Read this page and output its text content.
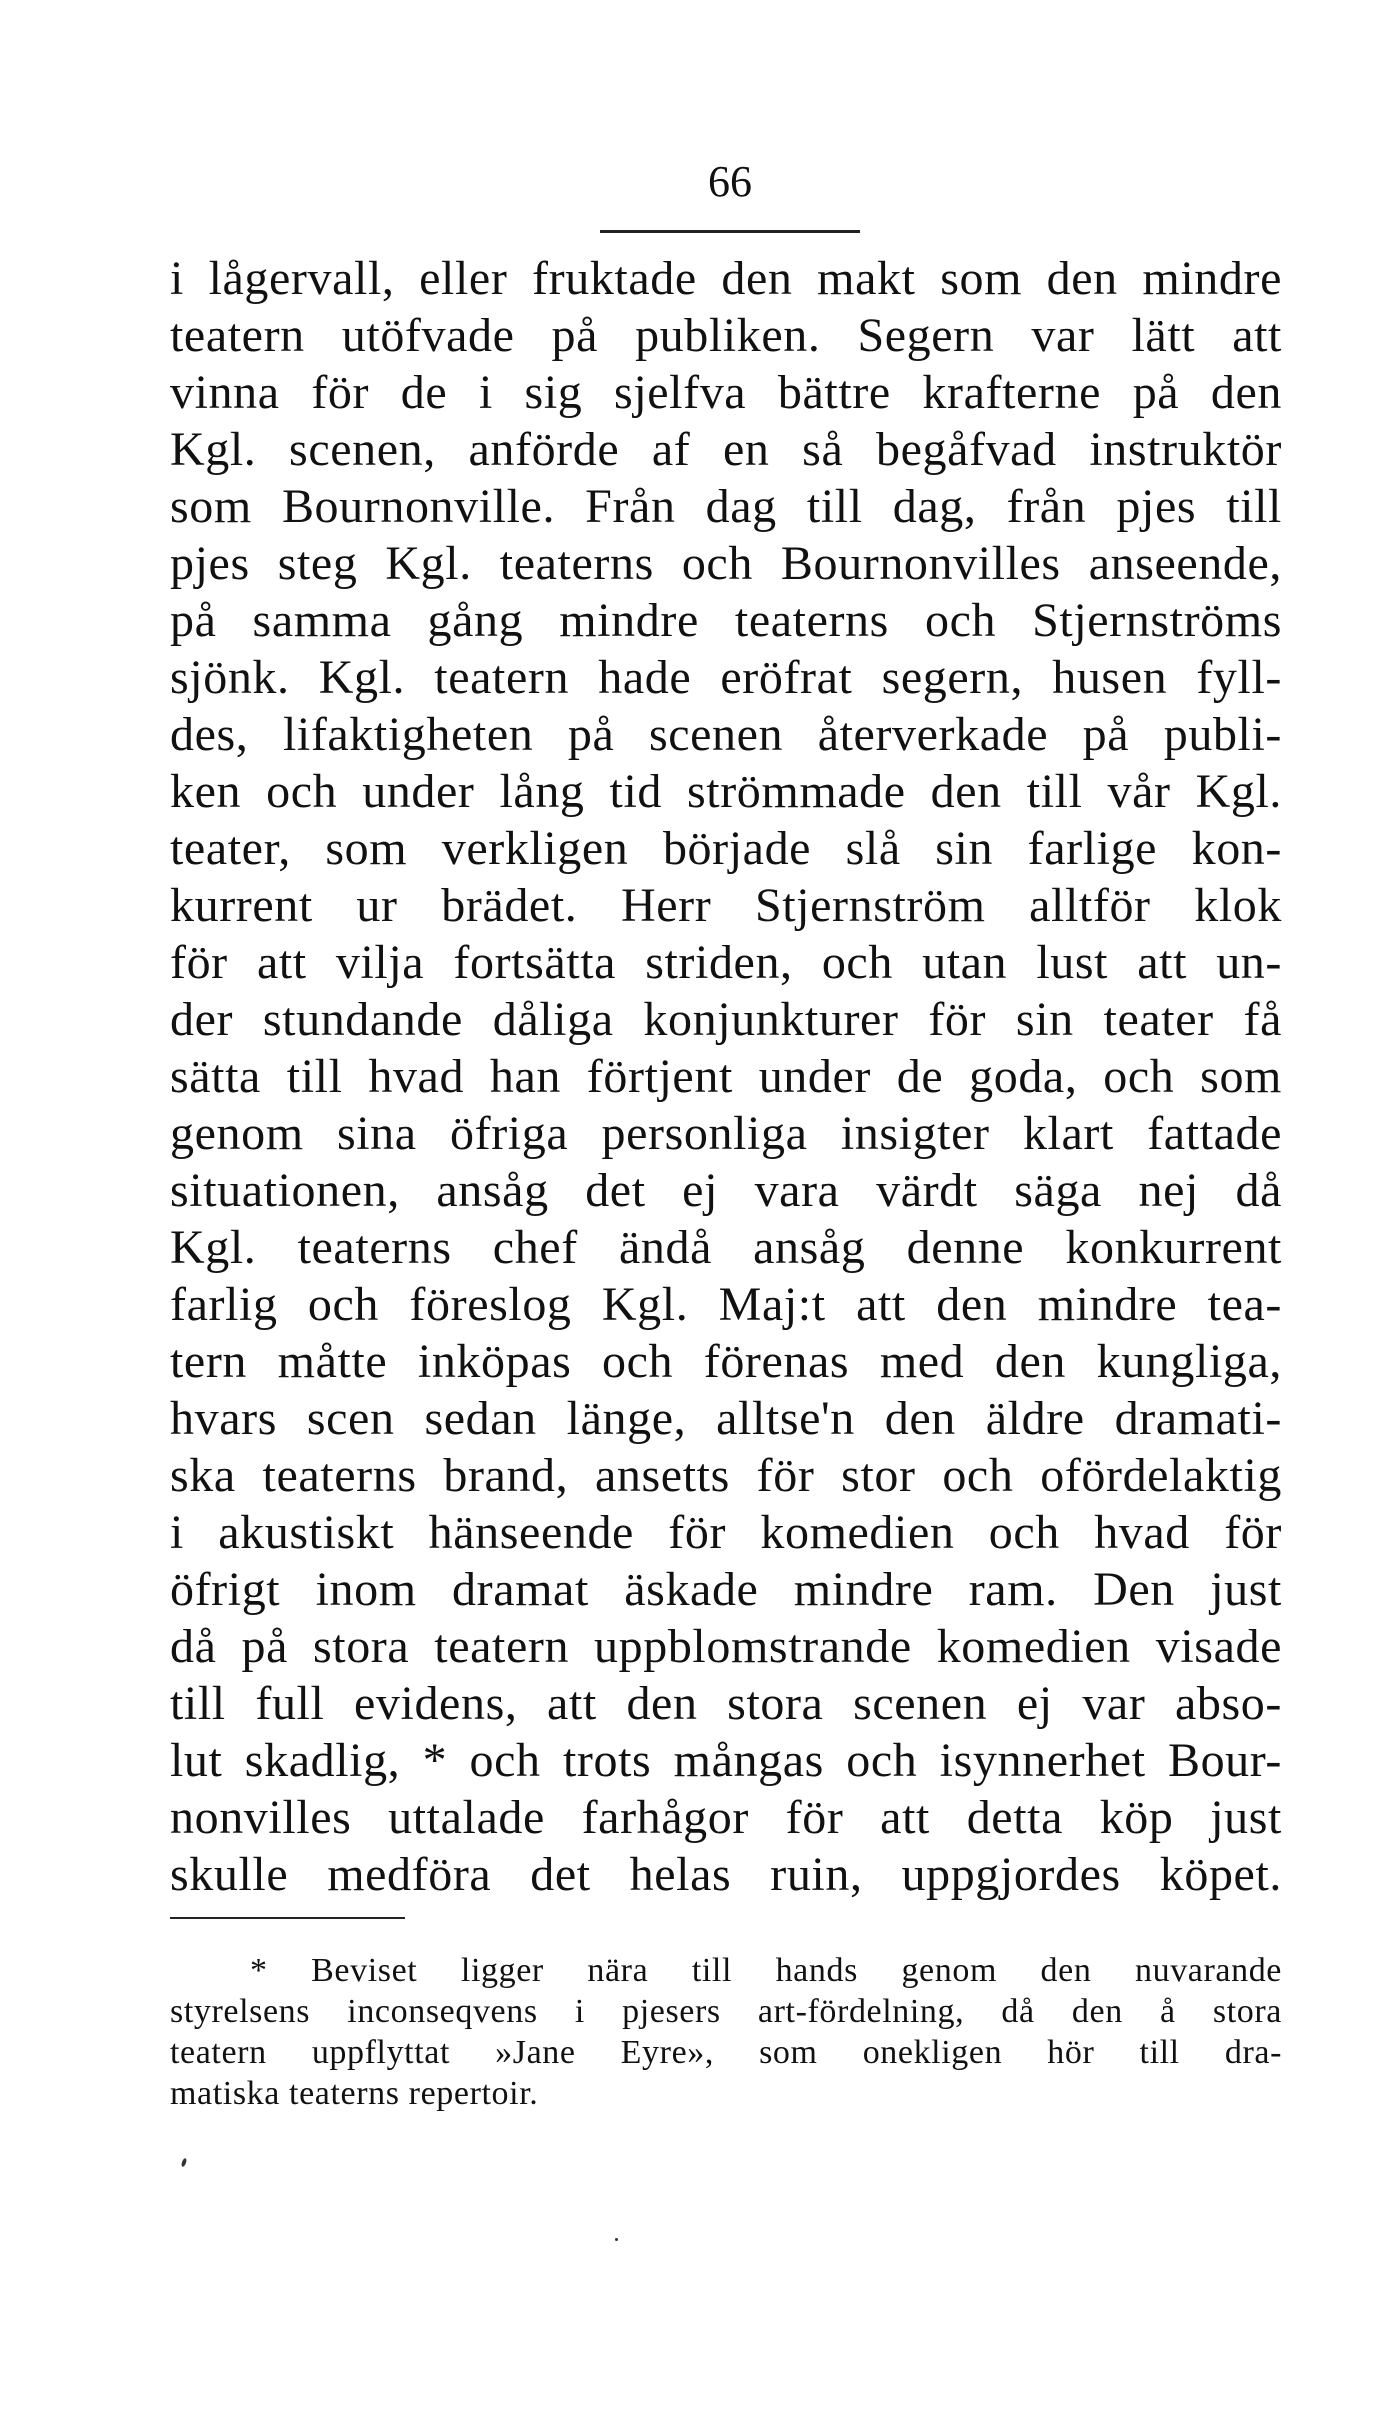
66
i lågervall, eller fruktade den makt som den mindre
teatern utöfvade på publiken. Segern var lätt att
vinna för de i sig sjelfva bättre krafterne på den
Kgl. scenen, anförde af en så begåfvad instruktör
som Bournonville. Från dag till dag, från pjes till
pjes steg Kgl. teaterns och Bournonvilles anseende,
på samma gång mindre teaterns och Stjernströms
sjönk. Kgl. teatern hade eröfrat segern, husen fyll-
des, lifaktigheten på scenen återverkade på publi-
ken och under lång tid strömmade den till vår Kgl.
teater, som verkligen började slå sin farlige kon-
kurrent ur brädet. Herr Stjernström alltför klok
för att vilja fortsätta striden, och utan lust att un-
der stundande dåliga konjunkturer för sin teater få
sätta till hvad han förtjent under de goda, och som
genom sina öfriga personliga insigter klart fattade
situationen, ansåg det ej vara värdt säga nej då
Kgl. teaterns chef ändå ansåg denne konkurrent
farlig och föreslog Kgl. Maj:t att den mindre tea-
tern måtte inköpas och förenas med den kungliga,
hvars scen sedan länge, alltse'n den äldre dramati-
ska teaterns brand, ansetts för stor och ofördelaktig
i akustiskt hänseende för komedien och hvad för
öfrigt inom dramat äskade mindre ram. Den just
då på stora teatern uppblomstrande komedien visade
till full evidens, att den stora scenen ej var abso-
lut skadlig, * och trots mångas och isynnerhet Bour-
nonvilles uttalade farhågor för att detta köp just
skulle medföra det helas ruin, uppgjordes köpet.
* Beviset ligger nära till hands genom den nuvarande
styrelsens inconseqvens i pjesers art-fördelning, då den å stora
teatern uppflyttat »Jane Eyre», som onekligen hör till dra-
matiska teaterns repertoir.
